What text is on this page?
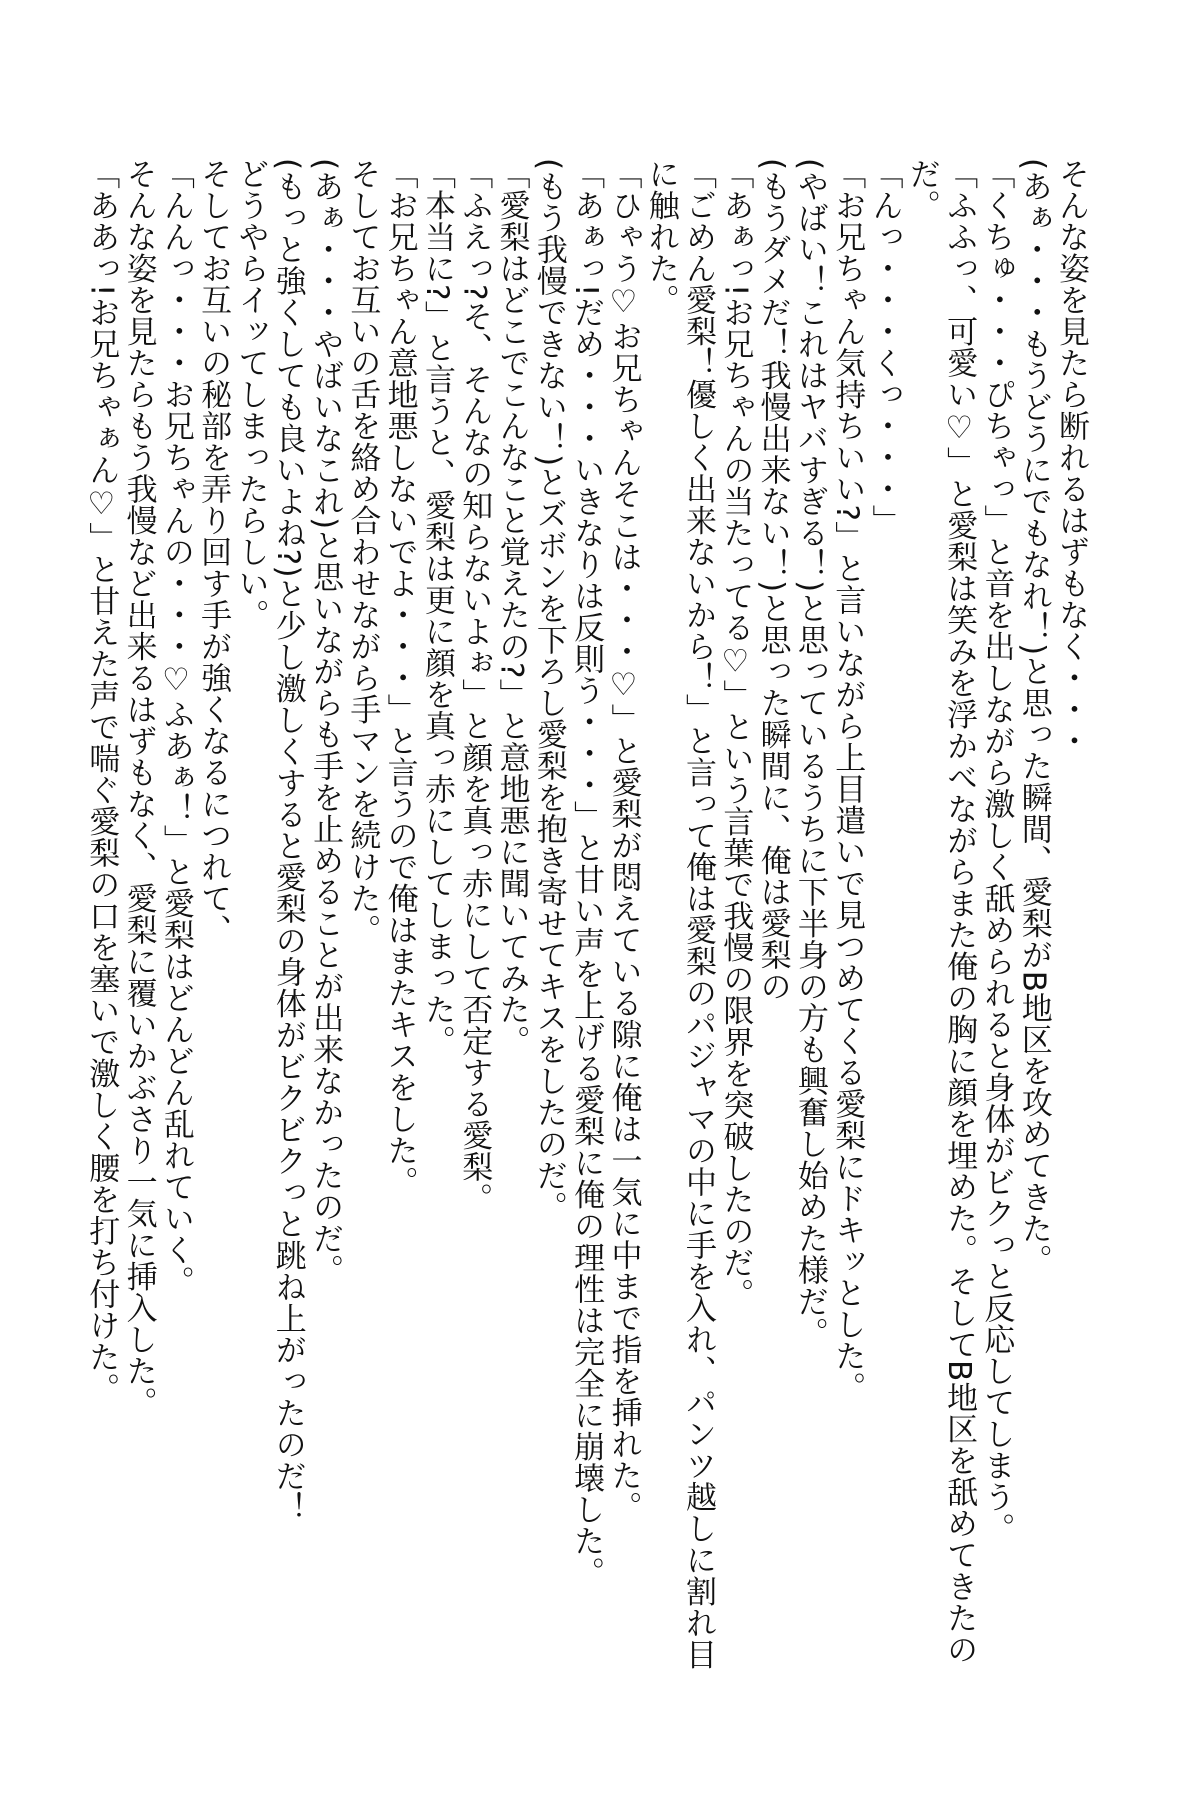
そんな姿を見たら断れるはずもなく・・・

(あぁ・・・もうどうにでもなれ！)と思った瞬間、愛梨がB地区を攻めてきた。

「くちゅ・・・ぴちゃっ」と音を出しながら激しく舐められると身体がビクっと反応してしまう。

「ふふっ、可愛い♡」と愛梨は笑みを浮かべながらまた俺の胸に顔を埋めた。そしてB地区を舐めてきたの

だ。

「んっ・・・くっ・・・」

「お兄ちゃん気持ちいい?」と言いながら上目遣いで見つめてくる愛梨にドキッとした。

(やばい！これはヤバすぎる！)と思っているうちに下半身の方も興奮し始めた様だ。

(もうダメだ！我慢出来ない！)と思った瞬間に、俺は愛梨の

「あぁっ!お兄ちゃんの当たってる♡」という言葉で我慢の限界を突破したのだ。

「ごめん愛梨！優しく出来ないから！」と言って俺は愛梨のパジャマの中に手を入れ、パンツ越しに割れ目

に触れた。

「ひゃう♡お兄ちゃんそこは・・・♡」と愛梨が悶えている隙に俺は一気に中まで指を挿れた。

「あぁっ!だめ・・・いきなりは反則う・・・」と甘い声を上げる愛梨に俺の理性は完全に崩壊した。

(もう我慢できない！)とズボンを下ろし愛梨を抱き寄せてキスをしたのだ。

「愛梨はどこでこんなこと覚えたの?」と意地悪に聞いてみた。

「ふえっ?そ、そんなの知らないよぉ」と顔を真っ赤にして否定する愛梨。

「本当に?」と言うと、愛梨は更に顔を真っ赤にしてしまった。

「お兄ちゃん意地悪しないでよ・・・」と言うので俺はまたキスをした。

そしてお互いの舌を絡め合わせながら手マンを続けた。

(あぁ・・・やばいなこれ)と思いながらも手を止めることが出来なかったのだ。

(もっと強くしても良いよね?)と少し激しくすると愛梨の身体がビクビクっと跳ね上がったのだ！

どうやらイッてしまったらしい。

そしてお互いの秘部を弄り回す手が強くなるにつれて、

「んんっ・・・お兄ちゃんの・・・♡ふあぁ！」と愛梨はどんどん乱れていく。

そんな姿を見たらもう我慢など出来るはずもなく、愛梨に覆いかぶさり一気に挿入した。

「ああっ!お兄ちゃぁん♡」と甘えた声で喘ぐ愛梨の口を塞いで激しく腰を打ち付けた。
